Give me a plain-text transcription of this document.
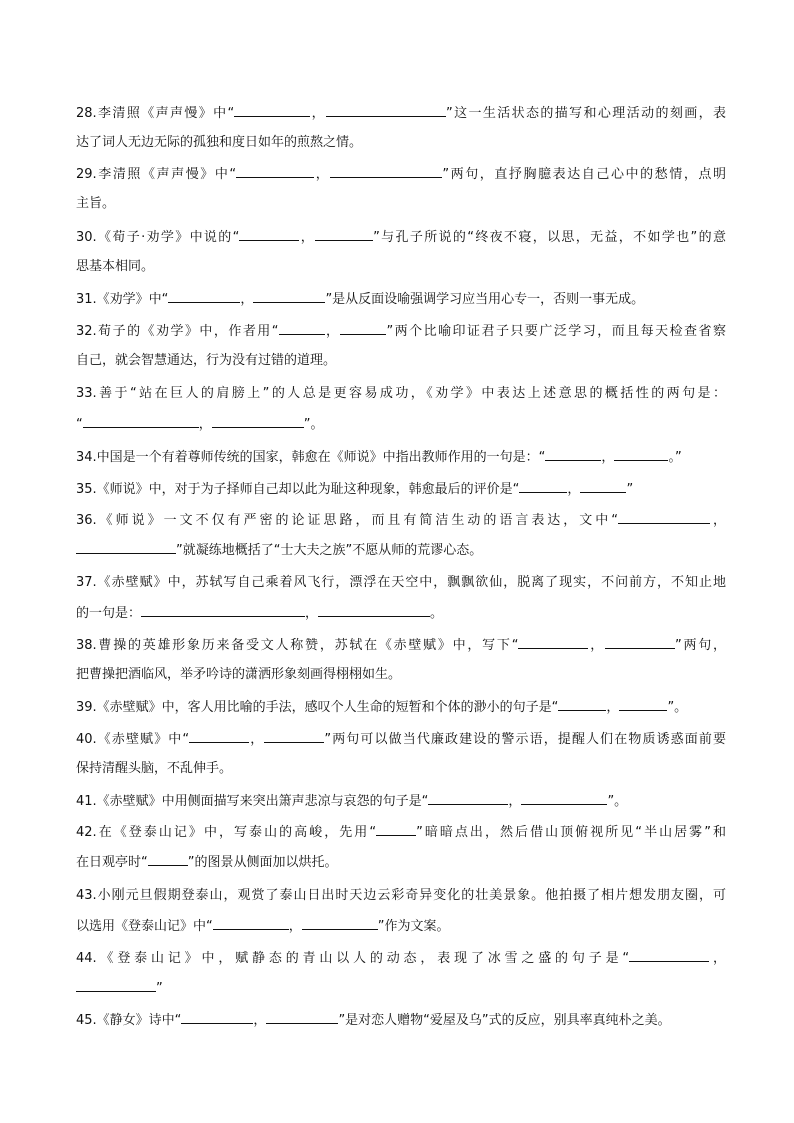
28.李清照《声声慢》中“	，	”这一生活状态的描写和心理活动的刻画，表
达了词人无边无际的孤独和度日如年的煎熬之情。
29.李清照《声声慢》中“	，	”两句，直抒胸臆表达自己心中的愁情，点明
主旨。
30.《荀子·劝学》中说的“	，	”与孔子所说的“终夜不寝，以思，无益，不如学也”的意
思基本相同。
31.《劝学》中“	，	”是从反面设喻强调学习应当用心专一，否则一事无成。
32.荀子的《劝学》中，作者用“	，	”两个比喻印证君子只要广泛学习，而且每天检查省察
自己，就会智慧通达，行为没有过错的道理。
33.善于“站在巨人的肩膀上”的人总是更容易成功，《劝学》中表达上述意思的概括性的两句是：
“	，	”。
34.中国是一个有着尊师传统的国家，韩愈在《师说》中指出教师作用的一句是：“	，	。”
35.《师说》中，对于为子择师自己却以此为耻这种现象，韩愈最后的评价是“	，	”
36.《师说》一文不仅有严密的论证思路，而且有简洁生动的语言表达，文中“	，
”就凝练地概括了“士大夫之族”不愿从师的荒谬心态。
37.《赤壁赋》中，苏轼写自己乘着风飞行，漂浮在天空中，飘飘欲仙，脱离了现实，不问前方，不知止地
的一句是：	，	。
38.曹操的英雄形象历来备受文人称赞，苏轼在《赤壁赋》中，写下“	，	”两句，
把曹操把酒临风，举矛吟诗的潇洒形象刻画得栩栩如生。
39.《赤壁赋》中，客人用比喻的手法，感叹个人生命的短暂和个体的渺小的句子是“	，	”。
40.《赤壁赋》中“	，	”两句可以做当代廉政建设的警示语，提醒人们在物质诱惑面前要
保持清醒头脑，不乱伸手。
41.《赤壁赋》中用侧面描写来突出箫声悲凉与哀怨的句子是“	，	”。
42.在《登泰山记》中，写泰山的高峻，先用“	”暗暗点出，然后借山顶俯视所见“半山居雾”和
在日观亭时“	”的图景从侧面加以烘托。
43.小刚元旦假期登泰山，观赏了泰山日出时天边云彩奇异变化的壮美景象。他拍摄了相片想发朋友圈，可
以选用《登泰山记》中“	，	”作为文案。
44.《登泰山记》中，赋静态的青山以人的动态，表现了冰雪之盛的句子是“	，
”
45.《静女》诗中“	，	”是对恋人赠物“爱屋及乌”式的反应，别具率真纯朴之美。
